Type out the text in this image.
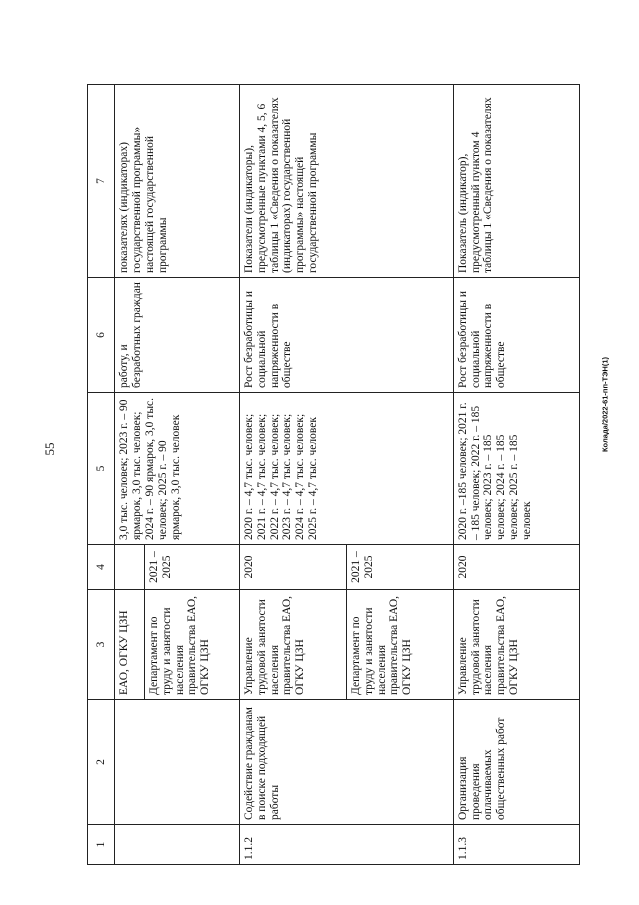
55	Колада/2022-61-пп-ТЭН(1)
1	2	3	4	5	6	7
		ЕАО, ОГКУ ЦЗН		3,0 тыс. человек; 2023 г. – 90 ярмарок, 3,0 тыс. человек; 2024 г. – 90 ярмарок, 3,0 тыс. человек; 2025 г. – 90 ярмарок, 3,0 тыс. человек	работу, и безработных граждан	показателях (индикаторах) государственной программы» настоящей государственной программы
		Департамент по труду и занятости населения правительства ЕАО, ОГКУ ЦЗН	2021 – 2025			
1.1.2	Содействие гражданам в поиске подходящей работы	Управление трудовой занятости населения правительства ЕАО, ОГКУ ЦЗН	2020	2020 г. – 4,7 тыс. человек; 2021 г. – 4,7 тыс. человек; 2022 г. – 4,7 тыс. человек; 2023 г. – 4,7 тыс. человек; 2024 г. – 4,7 тыс. человек; 2025 г. – 4,7 тыс. человек	Рост безработицы и социальной напряженности в обществе	Показатели (индикаторы), предусмотренные пунктами 4, 5, 6 таблицы 1 «Сведения о показателях (индикаторах) государственной программы» настоящей государственной программы
		Департамент по труду и занятости населения правительства ЕАО, ОГКУ ЦЗН	2021 – 2025			
1.1.3	Организация проведения оплачиваемых общественных работ	Управление трудовой занятости населения правительства ЕАО, ОГКУ ЦЗН	2020	2020 г. –185 человек; 2021 г. – 185 человек; 2022 г. – 185 человек; 2023 г. – 185 человек; 2024 г. – 185 человек; 2025 г. – 185 человек	Рост безработицы и социальной напряженности в обществе	Показатель (индикатор), предусмотренный пунктом 4 таблицы 1 «Сведения о показателях
